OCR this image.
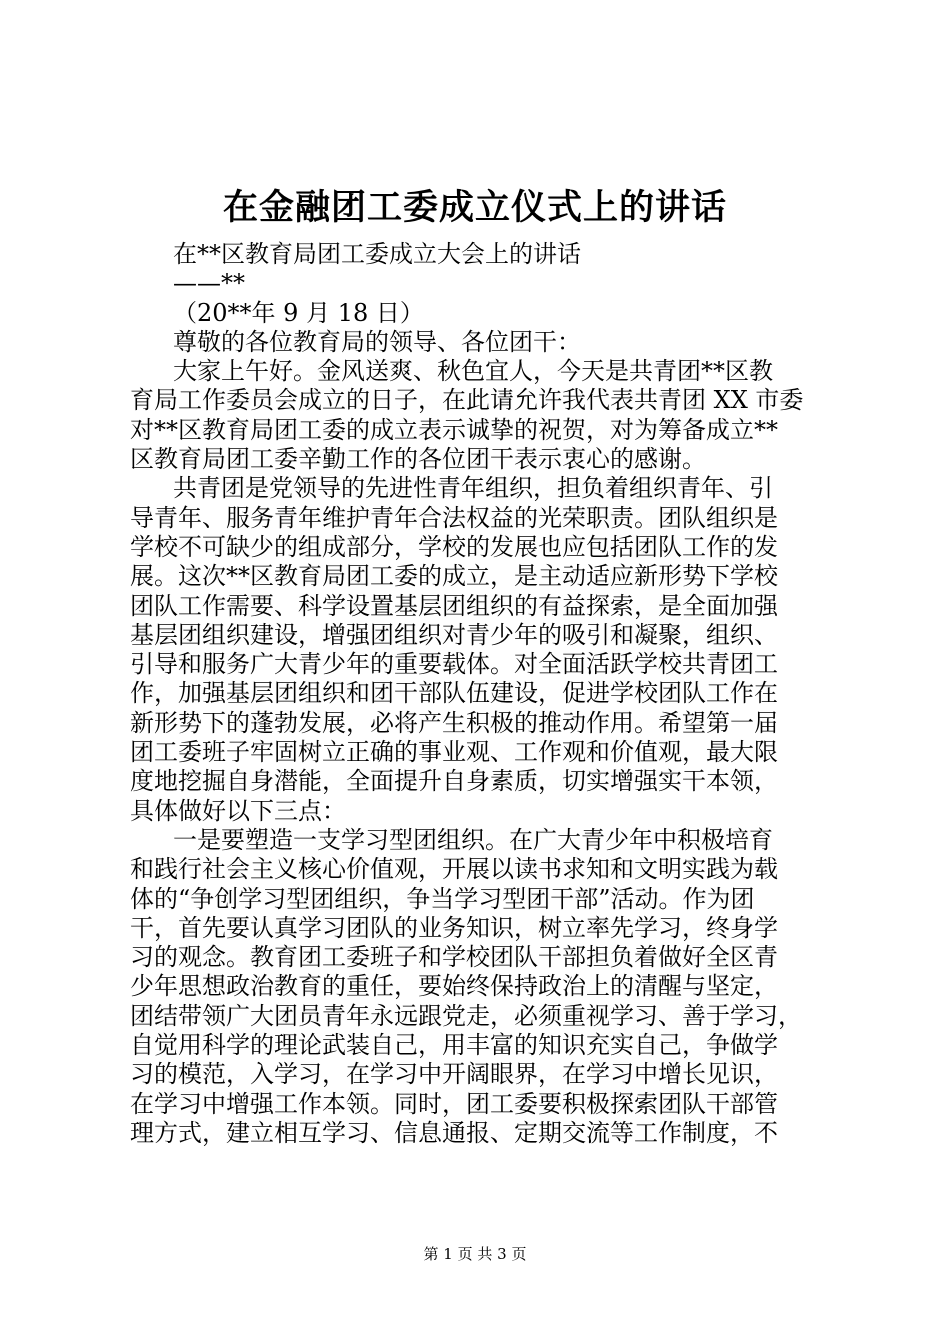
在金融团工委成立仪式上的讲话
在**区教育局团工委成立大会上的讲话
——**
（20**年 9 月 18 日）
尊敬的各位教育局的领导、各位团干：
大家上午好。金风送爽、秋色宜人，今天是共青团**区教
育局工作委员会成立的日子，在此请允许我代表共青团 XX 市委
对**区教育局团工委的成立表示诚挚的祝贺，对为筹备成立**
区教育局团工委辛勤工作的各位团干表示衷心的感谢。
共青团是党领导的先进性青年组织，担负着组织青年、引
导青年、服务青年维护青年合法权益的光荣职责。团队组织是
学校不可缺少的组成部分，学校的发展也应包括团队工作的发
展。这次**区教育局团工委的成立，是主动适应新形势下学校
团队工作需要、科学设置基层团组织的有益探索，是全面加强
基层团组织建设，增强团组织对青少年的吸引和凝聚，组织、
引导和服务广大青少年的重要载体。对全面活跃学校共青团工
作，加强基层团组织和团干部队伍建设，促进学校团队工作在
新形势下的蓬勃发展，必将产生积极的推动作用。希望第一届
团工委班子牢固树立正确的事业观、工作观和价值观，最大限
度地挖掘自身潜能，全面提升自身素质，切实增强实干本领，
具体做好以下三点：
一是要塑造一支学习型团组织。在广大青少年中积极培育
和践行社会主义核心价值观，开展以读书求知和文明实践为载
体的“争创学习型团组织，争当学习型团干部”活动。作为团
干，首先要认真学习团队的业务知识，树立率先学习，终身学
习的观念。教育团工委班子和学校团队干部担负着做好全区青
少年思想政治教育的重任，要始终保持政治上的清醒与坚定，
团结带领广大团员青年永远跟党走，必须重视学习、善于学习，
自觉用科学的理论武装自己，用丰富的知识充实自己，争做学
习的模范，入学习，在学习中开阔眼界，在学习中增长见识，
在学习中增强工作本领。同时，团工委要积极探索团队干部管
理方式，建立相互学习、信息通报、定期交流等工作制度，不
第 1 页 共 3 页
